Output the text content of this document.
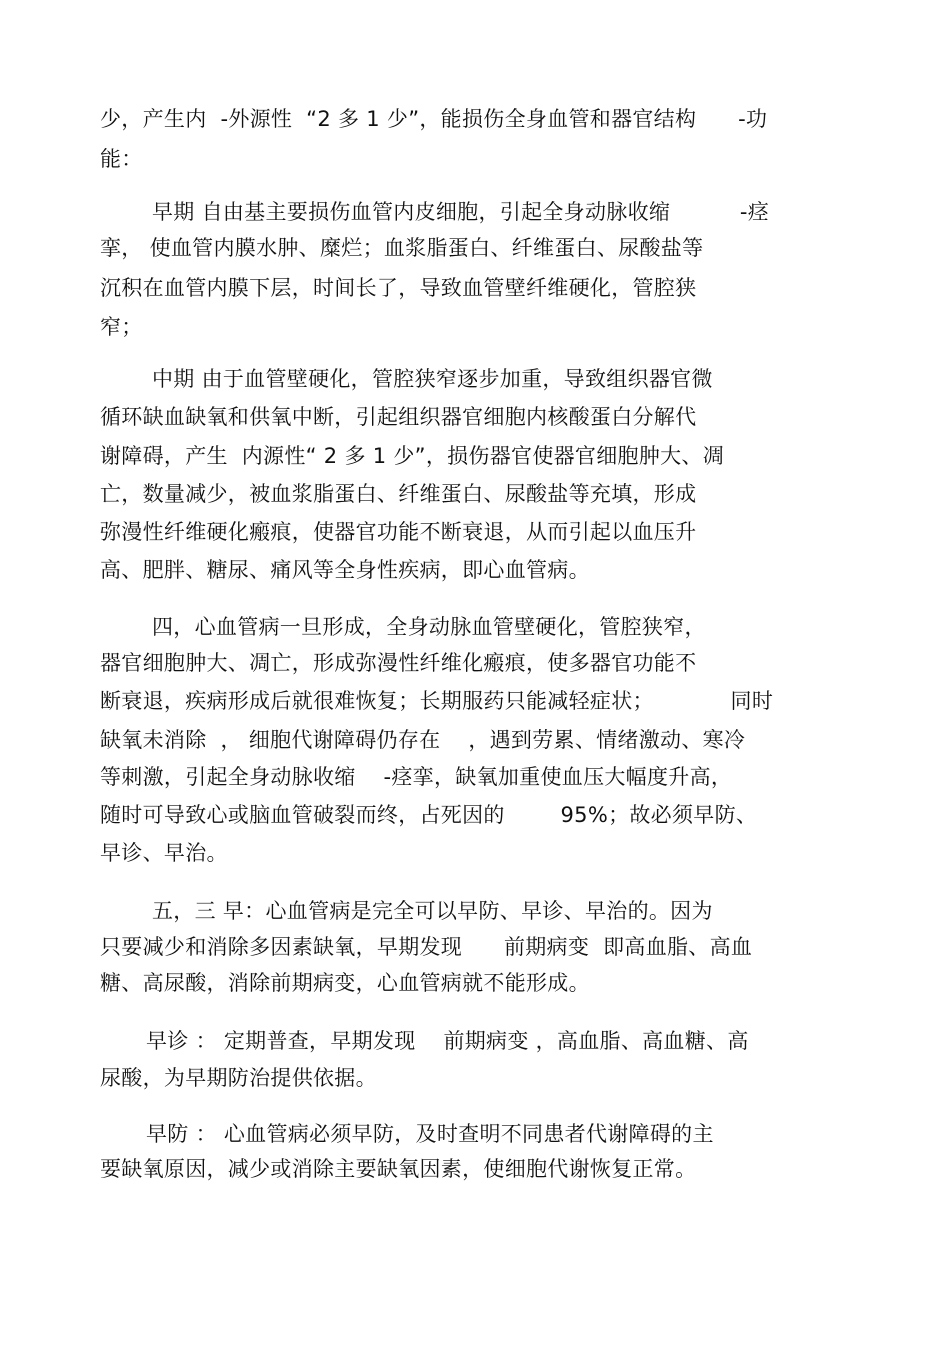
少，产生内  -外源性  “2 多 1 少”，能损伤全身血管和器官结构      -功
能：
早期 自由基主要损伤血管内皮细胞，引起全身动脉收缩          -痉
挛， 使血管内膜水肿、糜烂；血浆脂蛋白、纤维蛋白、尿酸盐等
沉积在血管内膜下层，时间长了，导致血管壁纤维硬化，管腔狭
窄；
中期 由于血管壁硬化，管腔狭窄逐步加重，导致组织器官微
循环缺血缺氧和供氧中断，引起组织器官细胞内核酸蛋白分解代
谢障碍，产生  内源性“ 2 多 1 少”，损伤器官使器官细胞肿大、凋
亡，数量减少，被血浆脂蛋白、纤维蛋白、尿酸盐等充填，形成
弥漫性纤维硬化瘢痕，使器官功能不断衰退，从而引起以血压升
高、肥胖、糖尿、痛风等全身性疾病，即心血管病。
四，心血管病一旦形成，全身动脉血管壁硬化，管腔狭窄，
器官细胞肿大、凋亡，形成弥漫性纤维化瘢痕，使多器官功能不
断衰退，疾病形成后就很难恢复；长期服药只能减轻症状；           同时
缺氧未消除  ， 细胞代谢障碍仍存在    ，遇到劳累、情绪激动、寒冷
等刺激，引起全身动脉收缩    -痉挛，缺氧加重使血压大幅度升高，
随时可导致心或脑血管破裂而终，占死因的        95%；故必须早防、
早诊、早治。
五，三 早：心血管病是完全可以早防、早诊、早治的。因为
只要减少和消除多因素缺氧，早期发现      前期病变  即高血脂、高血
糖、高尿酸，消除前期病变，心血管病就不能形成。
早诊 ： 定期普查，早期发现    前期病变 ，高血脂、高血糖、高
尿酸，为早期防治提供依据。
早防 ： 心血管病必须早防，及时查明不同患者代谢障碍的主
要缺氧原因，减少或消除主要缺氧因素，使细胞代谢恢复正常。
